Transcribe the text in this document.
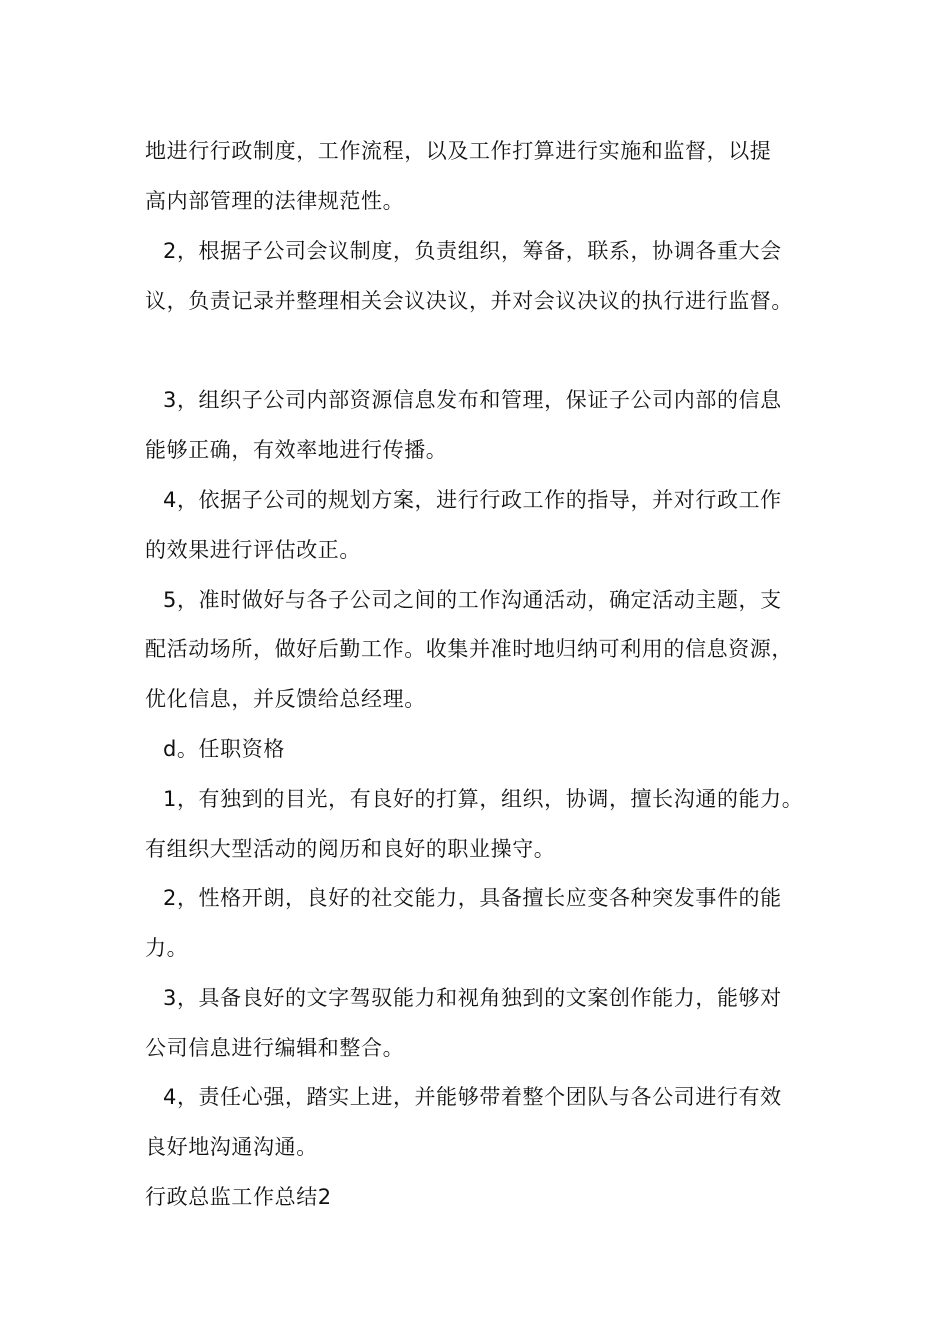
地进行行政制度，工作流程，以及工作打算进行实施和监督，以提
高内部管理的法律规范性。
2，根据子公司会议制度，负责组织，筹备，联系，协调各重大会
议，负责记录并整理相关会议决议，并对会议决议的执行进行监督。
3，组织子公司内部资源信息发布和管理，保证子公司内部的信息
能够正确，有效率地进行传播。
4，依据子公司的规划方案，进行行政工作的指导，并对行政工作
的效果进行评估改正。
5，准时做好与各子公司之间的工作沟通活动，确定活动主题，支
配活动场所，做好后勤工作。收集并准时地归纳可利用的信息资源，
优化信息，并反馈给总经理。
d。任职资格
1，有独到的目光，有良好的打算，组织，协调，擅长沟通的能力。
有组织大型活动的阅历和良好的职业操守。
2，性格开朗，良好的社交能力，具备擅长应变各种突发事件的能
力。
3，具备良好的文字驾驭能力和视角独到的文案创作能力，能够对
公司信息进行编辑和整合。
4，责任心强，踏实上进，并能够带着整个团队与各公司进行有效
良好地沟通沟通。
行政总监工作总结2
